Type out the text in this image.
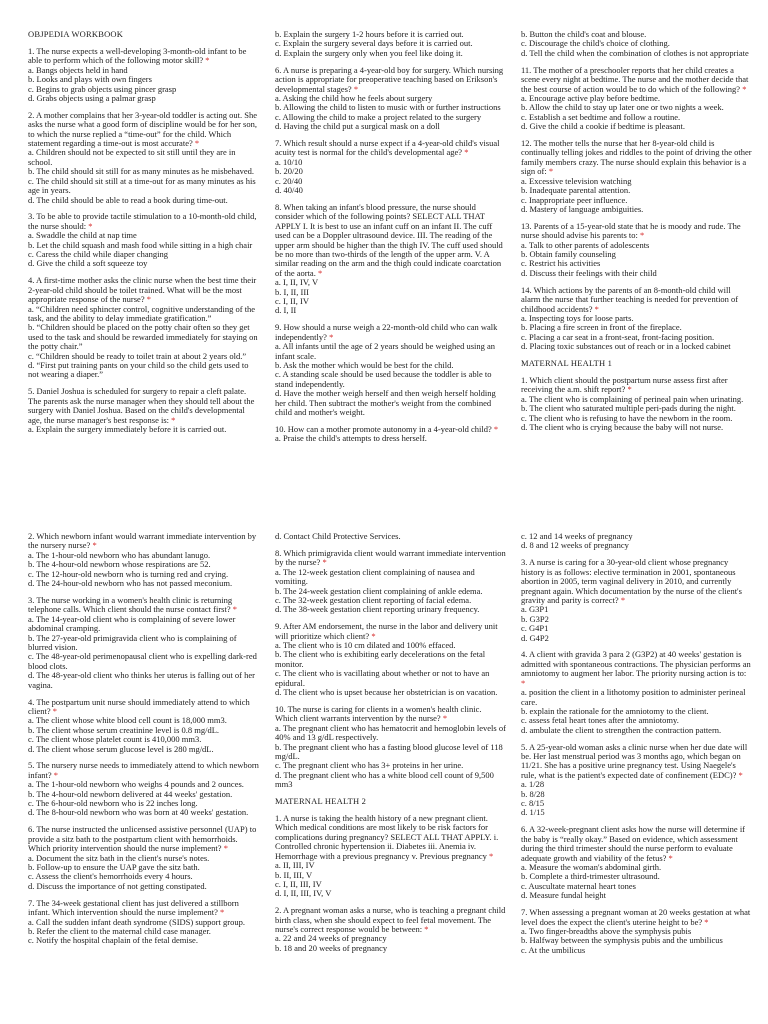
OBJPEDIA WORKBOOK
1. The nurse expects a well-developing 3-month-old infant to be able to perform which of the following motor skill? *
a. Bangs objects held in hand
b. Looks and plays with own fingers
c. Begins to grab objects using pincer grasp
d. Grabs objects using a palmar grasp
2. A mother complains that her 3-year-old toddler is acting out. She asks the nurse what a good form of discipline would be for her son, to which the nurse replied a “time-out” for the child. Which statement regarding a time-out is most accurate? *
a. Children should not be expected to sit still until they are in school.
b. The child should sit still for as many minutes as he misbehaved.
c. The child should sit still at a time-out for as many minutes as his age in years.
d. The child should be able to read a book during time-out.
3. To be able to provide tactile stimulation to a 10-month-old child, the nurse should: *
a. Swaddle the child at nap time
b. Let the child squash and mash food while sitting in a high chair
c. Caress the child while diaper changing
d. Give the child a soft squeeze toy
4. A first-time mother asks the clinic nurse when the best time their 2-year-old child should be toilet trained. What will be the most appropriate response of the nurse? *
a. “Children need sphincter control, cognitive understanding of the task, and the ability to delay immediate gratification.”
b. “Children should be placed on the potty chair often so they get used to the task and should be rewarded immediately for staying on the potty chair.”
c. “Children should be ready to toilet train at about 2 years old.”
d. “First put training pants on your child so the child gets used to not wearing a diaper.”
5. Daniel Joshua is scheduled for surgery to repair a cleft palate. The parents ask the nurse manager when they should tell about the surgery with Daniel Joshua. Based on the child's developmental age, the nurse manager's best response is: *
a. Explain the surgery immediately before it is carried out.
b. Explain the surgery 1-2 hours before it is carried out.
c. Explain the surgery several days before it is carried out.
d. Explain the surgery only when you feel like doing it.
6. A nurse is preparing a 4-year-old boy for surgery. Which nursing action is appropriate for preoperative teaching based on Erikson's developmental stages? *
a. Asking the child how he feels about surgery
b. Allowing the child to listen to music with or further instructions
c. Allowing the child to make a project related to the surgery
d. Having the child put a surgical mask on a doll
7. Which result should a nurse expect if a 4-year-old child's visual acuity test is normal for the child's developmental age? *
a. 10/10
b. 20/20
c. 20/40
d. 40/40
8. When taking an infant's blood pressure, the nurse should consider which of the following points? SELECT ALL THAT APPLY I. It is best to use an infant cuff on an infant II. The cuff used can be a Doppler ultrasound device. III. The reading of the upper arm should be higher than the thigh IV. The cuff used should be no more than two-thirds of the length of the upper arm. V. A similar reading on the arm and the thigh could indicate coarctation of the aorta. *
a. I, II, IV, V
b. I, II, III
c. I, II, IV
d. I, II
9. How should a nurse weigh a 22-month-old child who can walk independently? *
a. All infants until the age of 2 years should be weighed using an infant scale.
b. Ask the mother which would be best for the child.
c. A standing scale should be used because the toddler is able to stand independently.
d. Have the mother weigh herself and then weigh herself holding her child. Then subtract the mother's weight from the combined child and mother's weight.
10. How can a mother promote autonomy in a 4-year-old child? *
a. Praise the child's attempts to dress herself.
b. Button the child's coat and blouse.
c. Discourage the child's choice of clothing.
d. Tell the child when the combination of clothes is not appropriate
11. The mother of a preschooler reports that her child creates a scene every night at bedtime. The nurse and the mother decide that the best course of action would be to do which of the following? *
a. Encourage active play before bedtime.
b. Allow the child to stay up later one or two nights a week.
c. Establish a set bedtime and follow a routine.
d. Give the child a cookie if bedtime is pleasant.
12. The mother tells the nurse that her 8-year-old child is continually telling jokes and riddles to the point of driving the other family members crazy. The nurse should explain this behavior is a sign of: *
a. Excessive television watching
b. Inadequate parental attention.
c. Inappropriate peer influence.
d. Mastery of language ambiguities.
13. Parents of a 15-year-old state that he is moody and rude. The nurse should advise his parents to: *
a. Talk to other parents of adolescents
b. Obtain family counseling
c. Restrict his activities
d. Discuss their feelings with their child
14. Which actions by the parents of an 8-month-old child will alarm the nurse that further teaching is needed for prevention of childhood accidents? *
a. Inspecting toys for loose parts.
b. Placing a fire screen in front of the fireplace.
c. Placing a car seat in a front-seat, front-facing position.
d. Placing toxic substances out of reach or in a locked cabinet
MATERNAL HEALTH 1
1. Which client should the postpartum nurse assess first after receiving the a.m. shift report? *
a. The client who is complaining of perineal pain when urinating.
b. The client who saturated multiple peri-pads during the night.
c. The client who is refusing to have the newborn in the room.
d. The client who is crying because the baby will not nurse.
2. Which newborn infant would warrant immediate intervention by the nursery nurse? *
a. The 1-hour-old newborn who has abundant lanugo.
b. The 4-hour-old newborn whose respirations are 52.
c. The 12-hour-old newborn who is turning red and crying.
d. The 24-hour-old newborn who has not passed meconium.
3. The nurse working in a women's health clinic is returning telephone calls. Which client should the nurse contact first? *
a. The 14-year-old client who is complaining of severe lower abdominal cramping.
b. The 27-year-old primigravida client who is complaining of blurred vision.
c. The 48-year-old perimenopausal client who is expelling dark-red blood clots.
d. The 48-year-old client who thinks her uterus is falling out of her vagina.
4. The postpartum unit nurse should immediately attend to which client? *
a. The client whose white blood cell count is 18,000 mm3.
b. The client whose serum creatinine level is 0.8 mg/dL.
c. The client whose platelet count is 410,000 mm3.
d. The client whose serum glucose level is 280 mg/dL.
5. The nursery nurse needs to immediately attend to which newborn infant? *
a. The 1-hour-old newborn who weighs 4 pounds and 2 ounces.
b. The 4-hour-old newborn delivered at 44 weeks' gestation.
c. The 6-hour-old newborn who is 22 inches long.
d. The 8-hour-old newborn who was born at 40 weeks' gestation.
6. The nurse instructed the unlicensed assistive personnel (UAP) to provide a sitz bath to the postpartum client with hemorrhoids. Which priority intervention should the nurse implement? *
a. Document the sitz bath in the client's nurse's notes.
b. Follow-up to ensure the UAP gave the sitz bath.
c. Assess the client's hemorrhoids every 4 hours.
d. Discuss the importance of not getting constipated.
7. The 34-week gestational client has just delivered a stillborn infant. Which intervention should the nurse implement? *
a. Call the sudden infant death syndrome (SIDS) support group.
b. Refer the client to the maternal child case manager.
c. Notify the hospital chaplain of the fetal demise.
d. Contact Child Protective Services.
8. Which primigravida client would warrant immediate intervention by the nurse? *
a. The 12-week gestation client complaining of nausea and vomiting.
b. The 24-week gestation client complaining of ankle edema.
c. The 32-week gestation client reporting of facial edema.
d. The 38-week gestation client reporting urinary frequency.
9. After AM endorsement, the nurse in the labor and delivery unit will prioritize which client? *
a. The client who is 10 cm dilated and 100% effaced.
b. The client who is exhibiting early decelerations on the fetal monitor.
c. The client who is vacillating about whether or not to have an epidural.
d. The client who is upset because her obstetrician is on vacation.
10. The nurse is caring for clients in a women's health clinic. Which client warrants intervention by the nurse? *
a. The pregnant client who has hematocrit and hemoglobin levels of 40% and 13 g/dL respectively.
b. The pregnant client who has a fasting blood glucose level of 118 mg/dL.
c. The pregnant client who has 3+ proteins in her urine.
d. The pregnant client who has a white blood cell count of 9,500 mm3
MATERNAL HEALTH 2
1. A nurse is taking the health history of a new pregnant client. Which medical conditions are most likely to be risk factors for complications during pregnancy? SELECT ALL THAT APPLY. i. Controlled chronic hypertension ii. Diabetes iii. Anemia iv. Hemorrhage with a previous pregnancy v. Previous pregnancy *
a. II, III, IV
b. II, III, V
c. I, II, III, IV
d. I, II, III, IV, V
2. A pregnant woman asks a nurse, who is teaching a pregnant child birth class, when she should expect to feel fetal movement. The nurse's correct response would be between: *
a. 22 and 24 weeks of pregnancy
b. 18 and 20 weeks of pregnancy
c. 12 and 14 weeks of pregnancy
d. 8 and 12 weeks of pregnancy
3. A nurse is caring for a 30-year-old client whose pregnancy history is as follows: elective termination in 2001, spontaneous abortion in 2005, term vaginal delivery in 2010, and currently pregnant again. Which documentation by the nurse of the client's gravity and parity is correct? *
a. G3P1
b. G3P2
c. G4P1
d. G4P2
4. A client with gravida 3 para 2 (G3P2) at 40 weeks' gestation is admitted with spontaneous contractions. The physician performs an amniotomy to augment her labor. The priority nursing action is to: *
a. position the client in a lithotomy position to administer perineal care.
b. explain the rationale for the amniotomy to the client.
c. assess fetal heart tones after the amniotomy.
d. ambulate the client to strengthen the contraction pattern.
5. A 25-year-old woman asks a clinic nurse when her due date will be. Her last menstrual period was 3 months ago, which began on 11/21. She has a positive urine pregnancy test. Using Naegele's rule, what is the patient's expected date of confinement (EDC)? *
a. 1/28
b. 8/28
c. 8/15
d. 1/15
6. A 32-week-pregnant client asks how the nurse will determine if the baby is “really okay.” Based on evidence, which assessment during the third trimester should the nurse perform to evaluate adequate growth and viability of the fetus? *
a. Measure the woman's abdominal girth.
b. Complete a third-trimester ultrasound.
c. Auscultate maternal heart tones
d. Measure fundal height
7. When assessing a pregnant woman at 20 weeks gestation at what level does the expect the client's uterine height to be? *
a. Two finger-breadths above the symphysis pubis
b. Halfway between the symphysis pubis and the umbilicus
c. At the umbilicus
